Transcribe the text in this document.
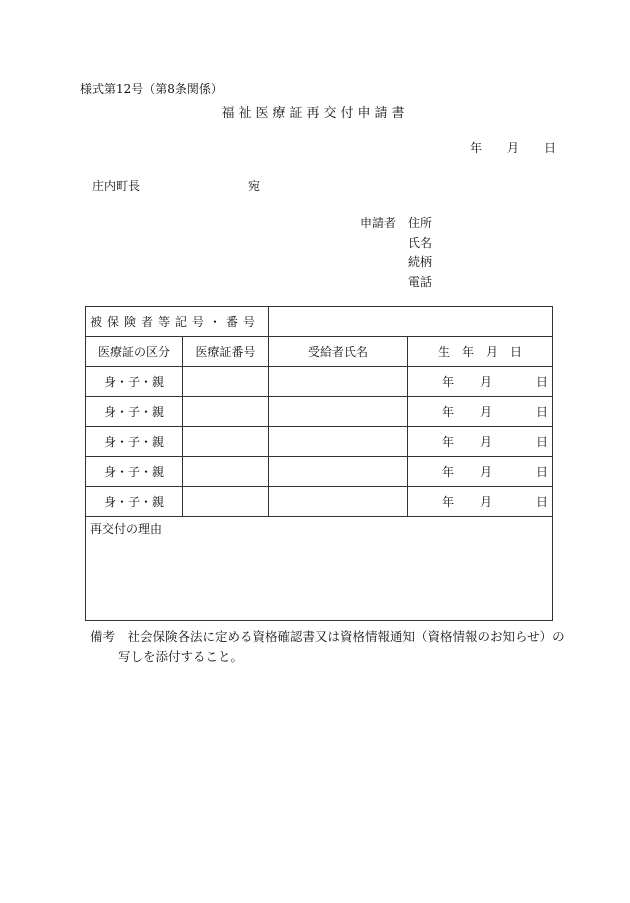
様式第12号（第8条関係）
福祉医療証再交付申請書
年 月 日
庄内町長	宛
申請者 住所
氏名
続柄
電話
被保険者等記号・番号			
医療証の区分	医療証番号	受給者氏名	生　年　月　日
身・子・親			年 月 日

身・子・親			年 月 日

身・子・親			年 月 日

身・子・親			年 月 日

身・子・親			年 月 日

再交付の理由			
備考　社会保険各法に定める資格確認書又は資格情報通知（資格情報のお知らせ）の
写しを添付すること。
